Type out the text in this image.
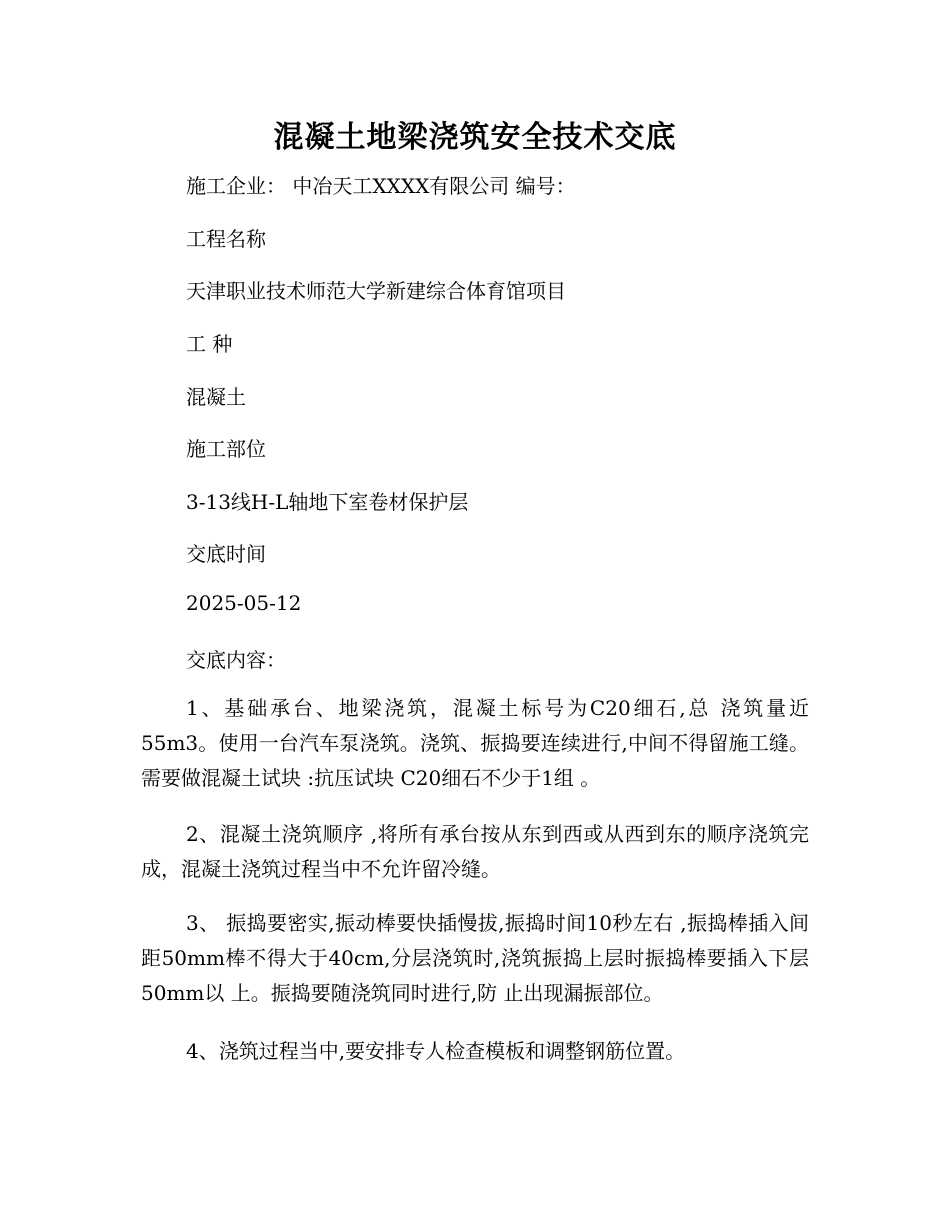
混凝土地梁浇筑安全技术交底
施工企业： 中冶天工XXXX有限公司 编号：
工程名称
天津职业技术师范大学新建综合体育馆项目
工 种
混凝土
施工部位
3-13线H-L轴地下室卷材保护层
交底时间
2025-05-12
交底内容：
1、基础承台、地梁浇筑，混凝土标号为C20细石,总 浇筑量近55m3。使用一台汽车泵浇筑。浇筑、振捣要连续进行,中间不得留施工缝。需要做混凝土试块 :抗压试块 C20细石不少于1组 。
2、混凝土浇筑顺序 ,将所有承台按从东到西或从西到东的顺序浇筑完成，混凝土浇筑过程当中不允许留冷缝。
3、 振捣要密实,振动棒要快插慢拔,振捣时间10秒左右 ,振捣棒插入间距50mm棒不得大于40cm,分层浇筑时,浇筑振捣上层时振捣棒要插入下层50mm以 上。振捣要随浇筑同时进行,防 止出现漏振部位。
4、浇筑过程当中,要安排专人检查模板和调整钢筋位置。
